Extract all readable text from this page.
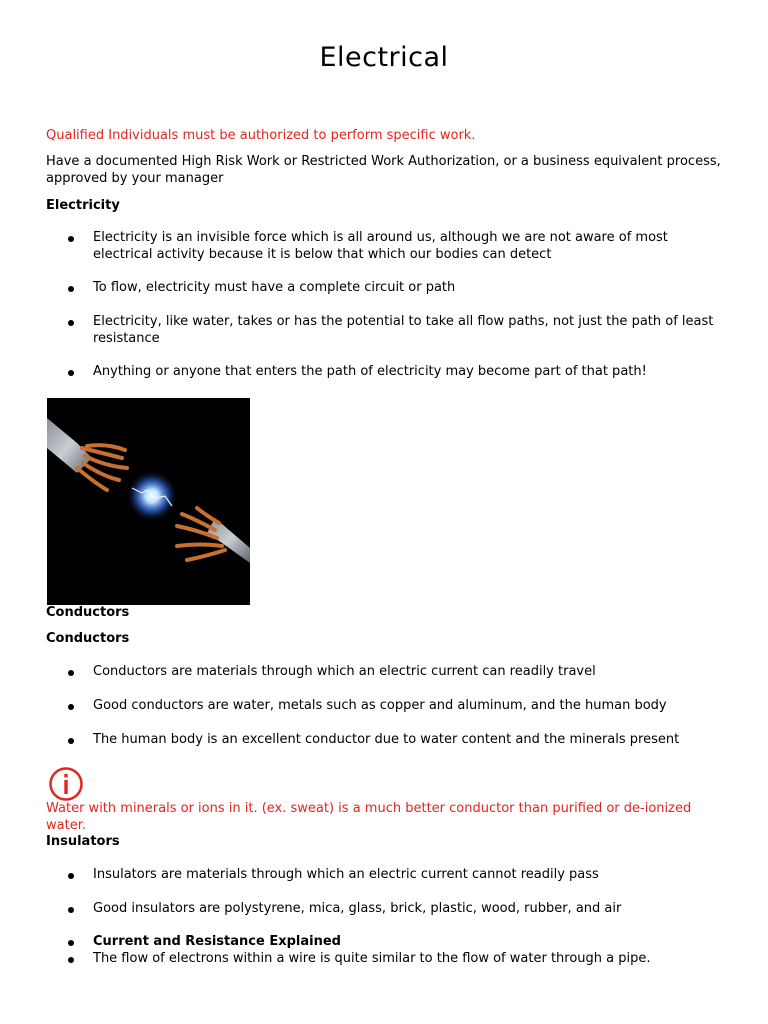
Electrical

Qualified Individuals must be authorized to perform specific work.

Have a documented High Risk Work or Restricted Work Authorization, or a business equivalent process, approved by your manager

Electricity

Electricity is an invisible force which is all around us, although we are not aware of most electrical activity because it is below that which our bodies can detect

To flow, electricity must have a complete circuit or path

Electricity, like water, takes or has the potential to take all flow paths, not just the path of least resistance

Anything or anyone that enters the path of electricity may become part of that path!

Conductors

Conductors

Conductors are materials through which an electric current can readily travel

Good conductors are water, metals such as copper and aluminum, and the human body

The human body is an excellent conductor due to water content and the minerals present

Water with minerals or ions in it. (ex. sweat) is a much better conductor than purified or de-ionized water.

Insulators

Insulators are materials through which an electric current cannot readily pass

Good insulators are polystyrene, mica, glass, brick, plastic, wood, rubber, and air

Current and Resistance Explained

The flow of electrons within a wire is quite similar to the flow of water through a pipe.
